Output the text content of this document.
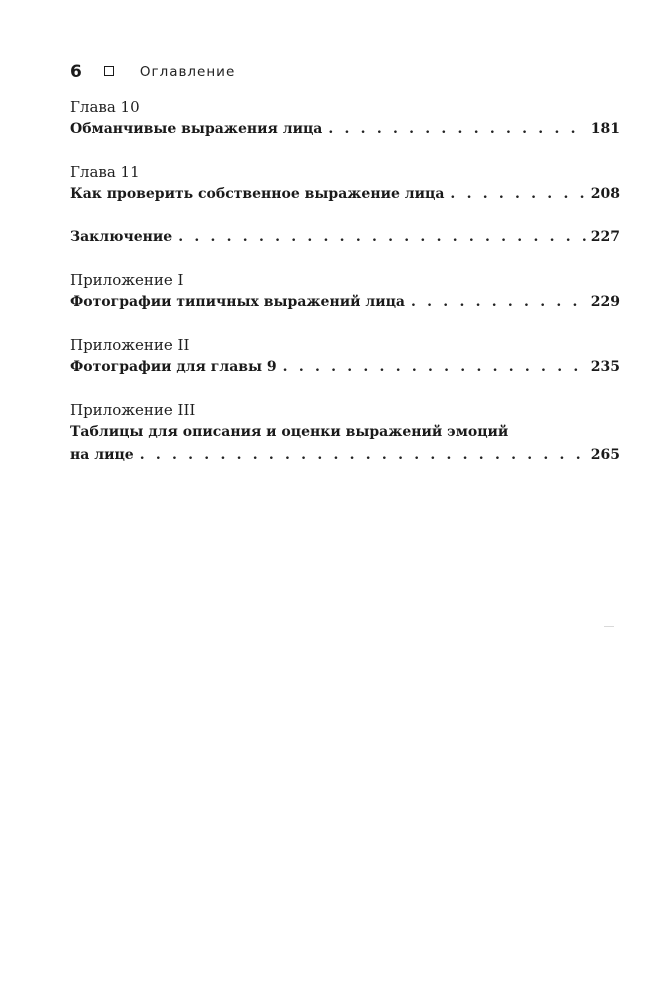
6	Оглавление
Глава 10
Обманчивые выражения лица . . .	181
Глава 11
Как проверить собственное выражение лица . . .	208
Заключение . . .	227
Приложение I
Фотографии типичных выражений лица . . .	229
Приложение II
Фотографии для главы 9 . . .	235
Приложение III
Таблицы для описания и оценки выражений эмоций
на лице . . .	265
